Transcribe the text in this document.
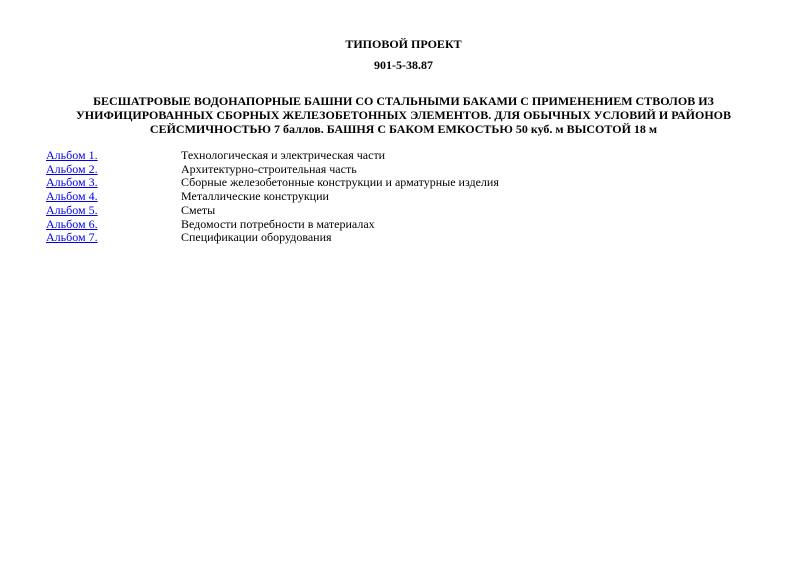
ТИПОВОЙ ПРОЕКТ
901-5-38.87
БЕСШАТРОВЫЕ ВОДОНАПОРНЫЕ БАШНИ СО СТАЛЬНЫМИ БАКАМИ С ПРИМЕНЕНИЕМ СТВОЛОВ ИЗ УНИФИЦИРОВАННЫХ СБОРНЫХ ЖЕЛЕЗОБЕТОННЫХ ЭЛЕМЕНТОВ. ДЛЯ ОБЫЧНЫХ УСЛОВИЙ И РАЙОНОВ СЕЙСМИЧНОСТЬЮ 7 баллов. БАШНЯ С БАКОМ ЕМКОСТЬЮ 50 куб. м ВЫСОТОЙ 18 м
Альбом 1.	Технологическая и электрическая части
Альбом 2.	Архитектурно-строительная часть
Альбом 3.	Сборные железобетонные конструкции и арматурные изделия
Альбом 4.	Металлические конструкции
Альбом 5.	Сметы
Альбом 6.	Ведомости потребности в материалах
Альбом 7.	Спецификации оборудования
